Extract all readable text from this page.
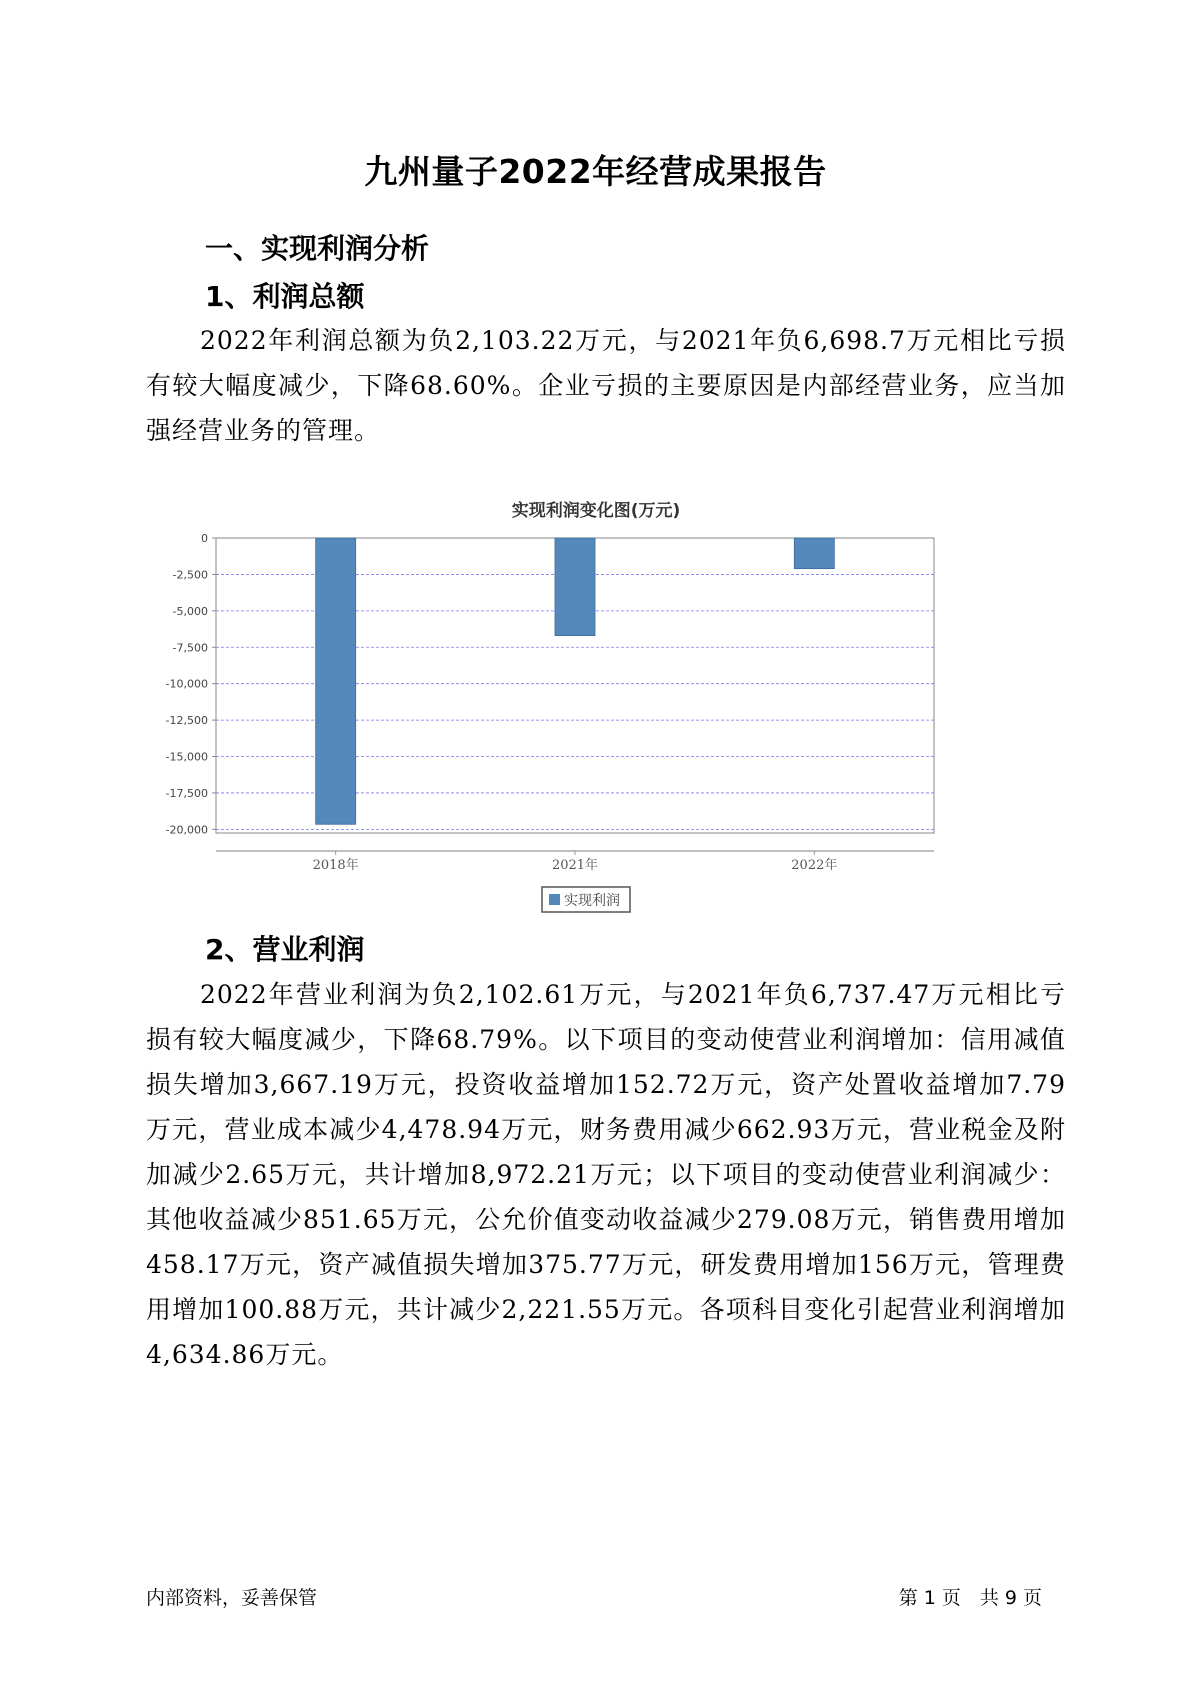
九州量子2022年经营成果报告
一、实现利润分析
1、利润总额
2022年利润总额为负2,103.22万元，与2021年负6,698.7万元相比亏损有较大幅度减少，下降68.60%。企业亏损的主要原因是内部经营业务，应当加强经营业务的管理。
实现利润变化图(万元)
0
-2,500
-5,000
-7,500
-10,000
-12,500
-15,000
-17,500
-20,000
2018年	2021年	2022年
实现利润
2、营业利润
2022年营业利润为负2,102.61万元，与2021年负6,737.47万元相比亏损有较大幅度减少，下降68.79%。以下项目的变动使营业利润增加：信用减值损失增加3,667.19万元，投资收益增加152.72万元，资产处置收益增加7.79万元，营业成本减少4,478.94万元，财务费用减少662.93万元，营业税金及附加减少2.65万元，共计增加8,972.21万元；以下项目的变动使营业利润减少：其他收益减少851.65万元，公允价值变动收益减少279.08万元，销售费用增加458.17万元，资产减值损失增加375.77万元，研发费用增加156万元，管理费用增加100.88万元，共计减少2,221.55万元。各项科目变化引起营业利润增加4,634.86万元。
内部资料，妥善保管	第 1 页　共 9 页
